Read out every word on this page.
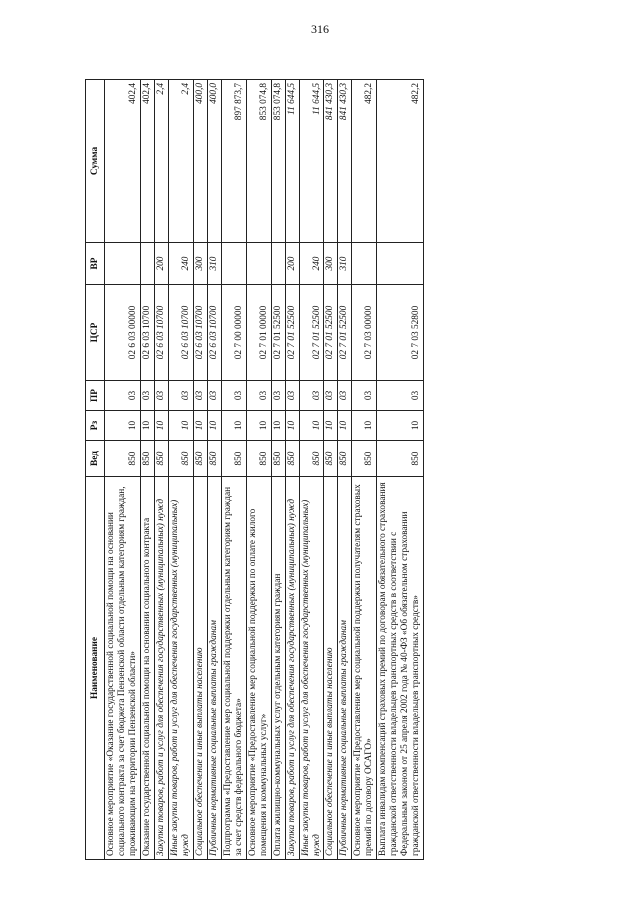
316
Наименование	Вед	Рз	ПР	ЦСР	ВР	Сумма
Основное мероприятие «Оказание государственной социальной помощи на основании социального контракта за счет бюджета Пензенской области отдельным категориям граждан, проживающим на территории Пензенской области»	850	10	03	02 6 03 00000		402,4
Оказание государственной социальной помощи на основании социального контракта	850	10	03	02 6 03 10700		402,4
Закупка товаров, работ и услуг для обеспечения государственных (муниципальных) нужд	850	10	03	02 6 03 10700	200	2,4
Иные закупки товаров, работ и услуг для обеспечения государственных (муниципальных) нужд	850	10	03	02 6 03 10700	240	2,4
Социальное обеспечение и иные выплаты населению	850	10	03	02 6 03 10700	300	400,0
Публичные нормативные социальные выплаты гражданам	850	10	03	02 6 03 10700	310	400,0
Подпрограмма «Предоставление мер социальной поддержки отдельным категориям граждан за счет средств федерального бюджета»	850	10	03	02 7 00 00000		897 873,7
Основное мероприятие «Предоставление мер социальной поддержки по оплате жилого помещения и коммунальных услуг»	850	10	03	02 7 01 00000		853 074,8
Оплата жилищно-коммунальных услуг отдельным категориям граждан	850	10	03	02 7 01 52500		853 074,8
Закупка товаров, работ и услуг для обеспечения государственных (муниципальных) нужд	850	10	03	02 7 01 52500	200	11 644,5
Иные закупки товаров, работ и услуг для обеспечения государственных (муниципальных) нужд	850	10	03	02 7 01 52500	240	11 644,5
Социальное обеспечение и иные выплаты населению	850	10	03	02 7 01 52500	300	841 430,3
Публичные нормативные социальные выплаты гражданам	850	10	03	02 7 01 52500	310	841 430,3
Основное мероприятие «Предоставление мер социальной поддержки получателям страховых премий по договору ОСАГО»	850	10	03	02 7 03 00000		482,2
Выплата инвалидам компенсаций страховых премий по договорам обязательного страхования гражданской ответственности владельцев транспортных средств в соответствии с Федеральным законом от 25 апреля 2002 года № 40-ФЗ «Об обязательном страховании гражданской ответственности владельцев транспортных средств»	850	10	03	02 7 03 52800		482,2
